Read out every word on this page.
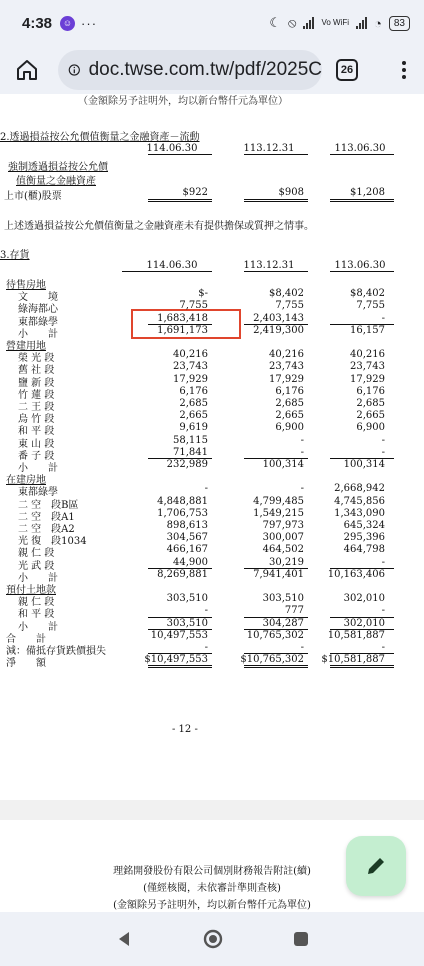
4:38	☺ ···	☾ ⦸	Vo WiFi ◔	83
doc.twse.com.tw/pdf/2025C	26
（金額除另予註明外，均以新台幣仟元為單位）
2.透過損益按公允價值衡量之金融資產－流動
114.06.30	113.12.31	113.06.30
強制透過損益按公允價
值衡量之金融資產
上市(櫃)股票	$922	$908	$1,208
上述透過損益按公允價值衡量之金融資產未有提供擔保或質押之情事。
3.存貨
114.06.30	113.12.31	113.06.30
- 12 -
待售房地
文　　境	$-	$8,402	$8,402
綠海都心	7,755	7,755	7,755
東都綠學	1,683,418	2,403,143	-
小　　計	1,691,173	2,419,300	16,157
營建用地
榮 光 段	40,216	40,216	40,216
舊 社 段	23,743	23,743	23,743
鹽 新 段	17,929	17,929	17,929
竹 蓮 段	6,176	6,176	6,176
二 王 段	2,685	2,685	2,685
烏 竹 段	2,665	2,665	2,665
和 平 段	9,619	6,900	6,900
東 山 段	58,115	-	-
番 子 段	71,841	-	-
小　　計	232,989	100,314	100,314
在建房地
東都綠學	-	-	2,668,942
二 空　段B區	4,848,881	4,799,485	4,745,856
二 空　段A1	1,706,753	1,549,215	1,343,090
二 空　段A2	898,613	797,973	645,324
光 復　段1034	304,567	300,007	295,396
親 仁 段	466,167	464,502	464,798
光 武 段	44,900	30,219	-
小　　計	8,269,881	7,941,401	10,163,406
預付土地款
親 仁 段	303,510	303,510	302,010
和 平 段	-	777	-
小　　計	303,510	304,287	302,010
合　　計	10,497,553	10,765,302	10,581,887
減：備抵存貨跌價損失	-	-	-
淨　　額	$10,497,553	$10,765,302	$10,581,887
理銘開發股份有限公司個別財務報告附註(續)
(僅經核閱，未依審計準則查核)
(金額除另予註明外，均以新台幣仟元為單位)
